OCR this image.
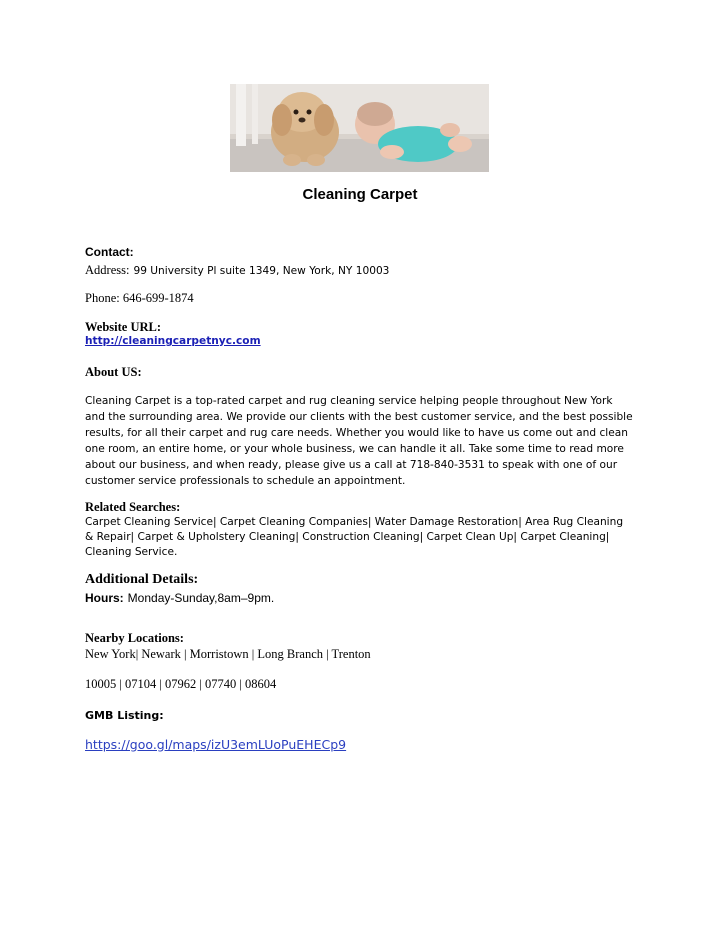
Cleaning Carpet
Contact:
Address: 99 University Pl suite 1349, New York, NY 10003
Phone: 646-699-1874
Website URL:
http://cleaningcarpetnyc.com
About US:
Cleaning Carpet is a top-rated carpet and rug cleaning service helping people throughout New York and the surrounding area. We provide our clients with the best customer service, and the best possible results, for all their carpet and rug care needs. Whether you would like to have us come out and clean one room, an entire home, or your whole business, we can handle it all. Take some time to read more about our business, and when ready, please give us a call at 718-840-3531 to speak with one of our customer service professionals to schedule an appointment.
Related Searches:
Carpet Cleaning Service| Carpet Cleaning Companies| Water Damage Restoration| Area Rug Cleaning & Repair| Carpet & Upholstery Cleaning| Construction Cleaning| Carpet Clean Up| Carpet Cleaning| Cleaning Service.
Additional Details:
Hours: Monday-Sunday,8am–9pm.
Nearby Locations:
New York| Newark | Morristown | Long Branch | Trenton
10005 | 07104 | 07962 | 07740 | 08604
GMB Listing:
https://goo.gl/maps/izU3emLUoPuEHECp9
